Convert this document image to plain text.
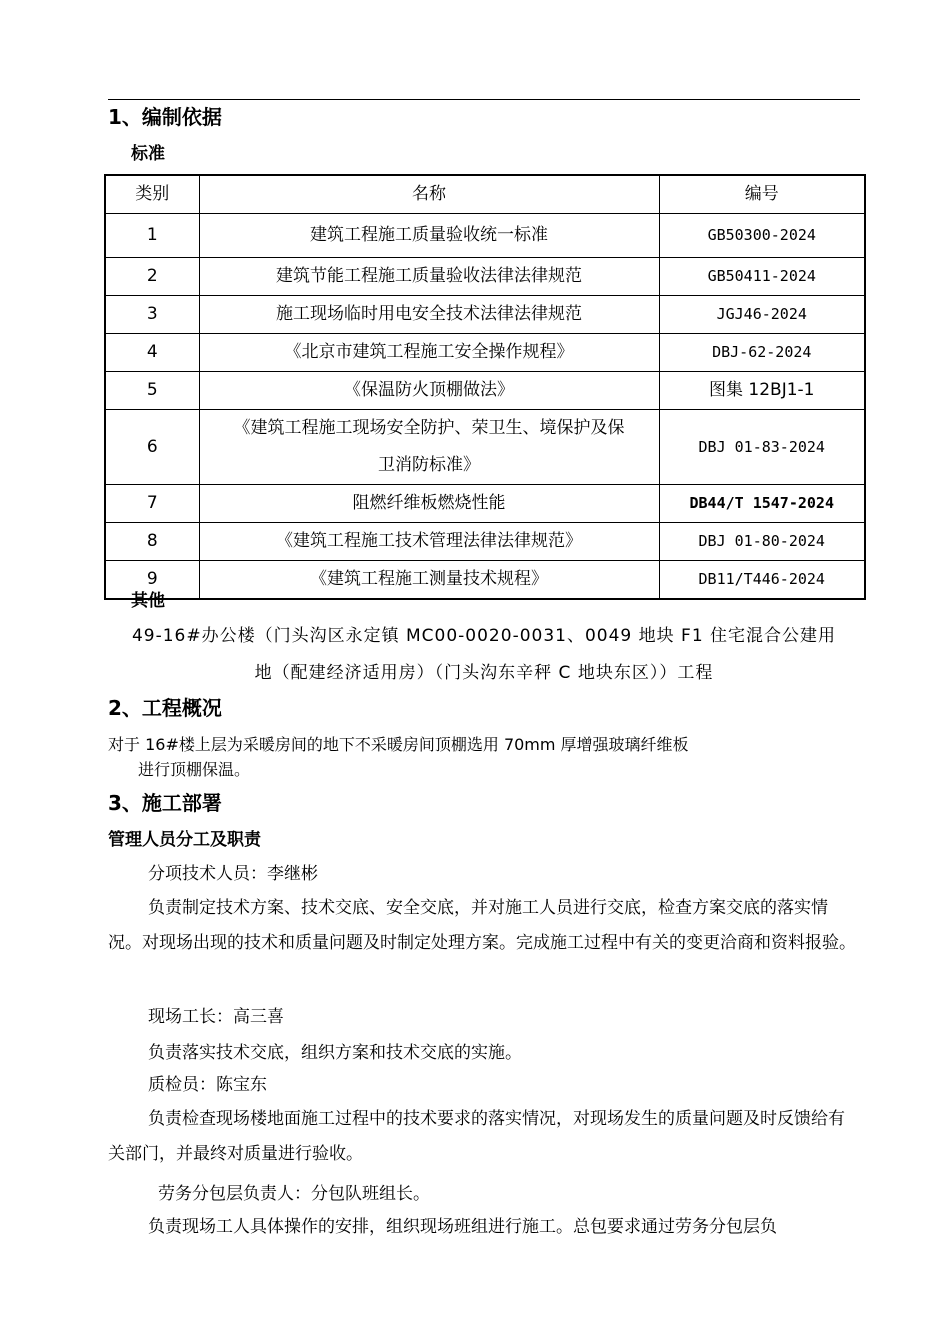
1、编制依据
标准
类别	名称	编号
1	建筑工程施工质量验收统一标准	GB50300-2024
2	建筑节能工程施工质量验收法律法律规范	GB50411-2024
3	施工现场临时用电安全技术法律法律规范	JGJ46-2024
4	《北京市建筑工程施工安全操作规程》	DBJ-62-2024
5	《保温防火顶棚做法》	图集 12BJ1-1
6	《建筑工程施工现场安全防护、荣卫生、境保护及保
卫消防标准》	DBJ 01-83-2024
7	阻燃纤维板燃烧性能	DB44/T 1547-2024
8	《建筑工程施工技术管理法律法律规范》	DBJ 01-80-2024
9	《建筑工程施工测量技术规程》	DB11/T446-2024
其他
49-16#办公楼（门头沟区永定镇 MC00-0020-0031、0049 地块 F1 住宅混合公建用
地（配建经济适用房）（门头沟东辛秤 C 地块东区））工程
2、工程概况
对于 16#楼上层为采暖房间的地下不采暖房间顶棚选用 70mm 厚增强玻璃纤维板
进行顶棚保温。
3、施工部署
管理人员分工及职责
分项技术人员：李继彬
负责制定技术方案、技术交底、安全交底，并对施工人员进行交底，检查方案交底的落实情况。对现场出现的技术和质量问题及时制定处理方案。完成施工过程中有关的变更洽商和资料报验。
现场工长：高三喜
负责落实技术交底，组织方案和技术交底的实施。
质检员：陈宝东
负责检查现场楼地面施工过程中的技术要求的落实情况，对现场发生的质量问题及时反馈给有关部门，并最终对质量进行验收。
劳务分包层负责人：分包队班组长。
负责现场工人具体操作的安排，组织现场班组进行施工。总包要求通过劳务分包层负
